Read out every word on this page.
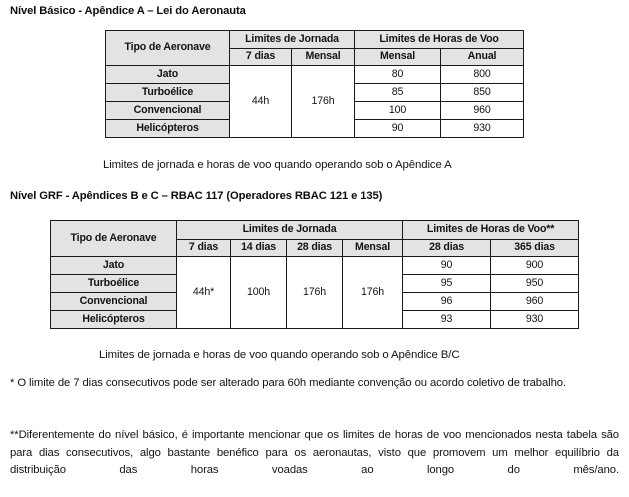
Nível Básico - Apêndice A – Lei do Aeronauta
Tipo de Aeronave	Limites de Jornada		Limites de Horas de Voo	
	7 dias	Mensal	Mensal	Anual
Jato	44h	176h	80	800
Turboélice			85	850
Convencional			100	960
Helicópteros			90	930
Limites de jornada e horas de voo quando operando sob o Apêndice A
Nível GRF - Apêndices B e C – RBAC 117 (Operadores RBAC 121 e 135)
Tipo de Aeronave	Limites de Jornada				Limites de Horas de Voo**	
	7 dias	14 dias	28 dias	Mensal	28 dias	365 dias
Jato	44h*	100h	176h	176h	90	900
Turboélice					95	950
Convencional					96	960
Helicópteros					93	930
Limites de jornada e horas de voo quando operando sob o Apêndice B/C
* O limite de 7 dias consecutivos pode ser alterado para 60h mediante convenção ou acordo coletivo de trabalho.
**Diferentemente do nível básico, é importante mencionar que os limites de horas de voo mencionados nesta tabela são para dias consecutivos, algo bastante benéfico para os aeronautas, visto que promovem um melhor equilíbrio da distribuição das horas voadas ao longo do mês/ano.
